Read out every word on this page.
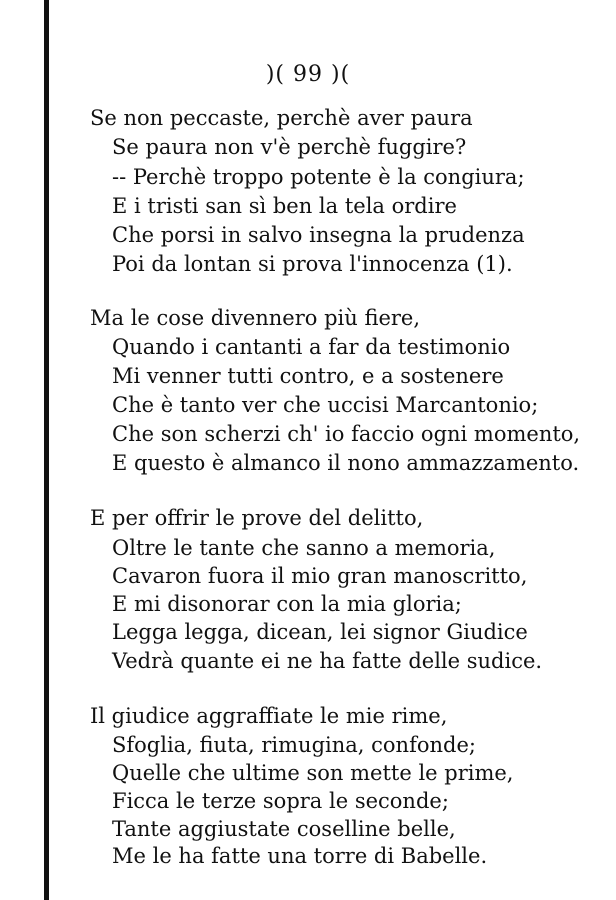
)( 99 )(
Se non peccaste, perchè aver paura
Se paura non v'è perchè fuggire?
-- Perchè troppo potente è la congiura;
E i tristi san sì ben la tela ordire
Che porsi in salvo insegna la prudenza
Poi da lontan si prova l'innocenza (1).
Ma le cose divennero più fiere,
Quando i cantanti a far da testimonio
Mi venner tutti contro, e a sostenere
Che è tanto ver che uccisi Marcantonio;
Che son scherzi ch' io faccio ogni momento,
E questo è almanco il nono ammazzamento.
E per offrir le prove del delitto,
Oltre le tante che sanno a memoria,
Cavaron fuora il mio gran manoscritto,
E mi disonorar con la mia gloria;
Legga legga, dicean, lei signor Giudice
Vedrà quante ei ne ha fatte delle sudice.
Il giudice aggraffiate le mie rime,
Sfoglia, fiuta, rimugina, confonde;
Quelle che ultime son mette le prime,
Ficca le terze sopra le seconde;
Tante aggiustate coselline belle,
Me le ha fatte una torre di Babelle.
